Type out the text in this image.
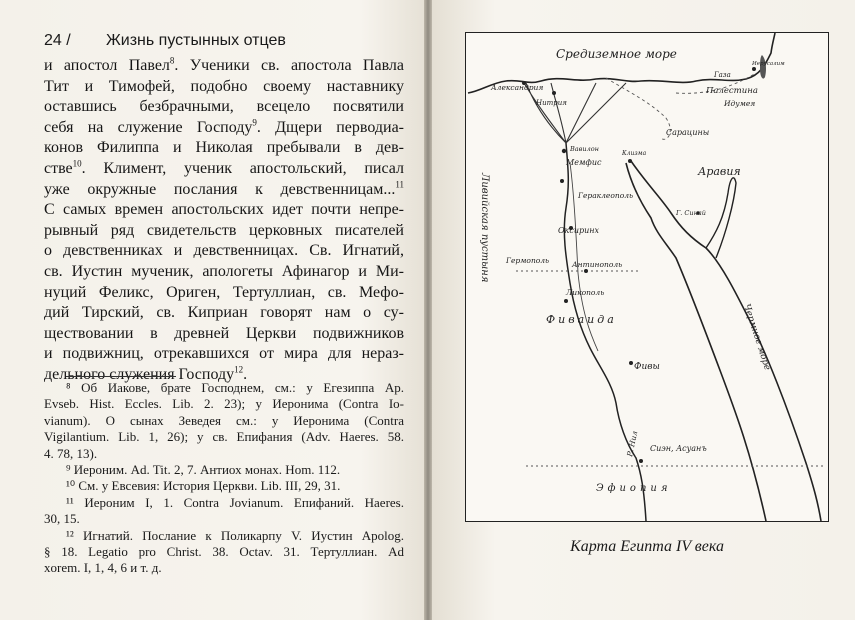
24 / Жизнь пустынных отцев
и апостол Павел$^8$. Ученики св. апостола Павла
Тит и Тимофей, подобно своему наставнику
оставшись безбрачными, всецело посвятили
себя на служение Господу$^9$. Дщери перводиа-
конов Филиппа и Николая пребывали в дев-
стве$^{10}$. Климент, ученик апостольский, писал
уже окружные послания к девственницам...$^{11}$
С самых времен апостольских идет почти непре-
рывный ряд свидетельств церковных писателей
о девственниках и девственницах. Св. Игнатий,
св. Иустин мученик, апологеты Афинагор и Ми-
нуций Феликс, Ориген, Тертуллиан, св. Мефо-
дий Тирский, св. Киприан говорят нам о су-
ществовании в древней Церкви подвижников
и подвижниц, отрекавшихся от мира для нераз-
дельного служения Господу$^{12}$.
⁸ Об Иакове, брате Господнем, см.: у Егезиппа Ap.
Evseb. Hist. Eccles. Lib. 2. 23); у Иеронима (Contra Io-
vianum). О сынах Зеведея см.: у Иеронима (Contra
Vigilantium. Lib. 1, 26); у св. Епифания (Adv. Haeres. 58.
4. 78, 13).
⁹ Иероним. Ad. Tit. 2, 7. Антиох монах. Hom. 112.
¹⁰ См. у Евсевия: История Церкви. Lib. III, 29, 31.
¹¹ Иероним I, 1. Contra Jovianum. Епифаний. Haeres.
30, 15.
¹² Игнатий. Послание к Поликарпу V. Иустин Apolog.
§ 18. Legatio pro Christ. 38. Octav. 31. Тертуллиан. Ad
xorem. I, 1, 4, 6 и т. д.
Средиземное море
Александрия
Нитрия
Палестина
Газа
Идумея
Иерусалим
Сарацины
Аравия
Клизма
Мемфис
Вавилон
Гераклеополь
Ливийская пустыня	Г. Синай
Оксиринх
Гермополь	Антинополь
Ликополь
Фиваида	Чермное море
Фивы
Р. Нил Сиэн, Асуанъ
Эфиопия
Карта Египта IV века
